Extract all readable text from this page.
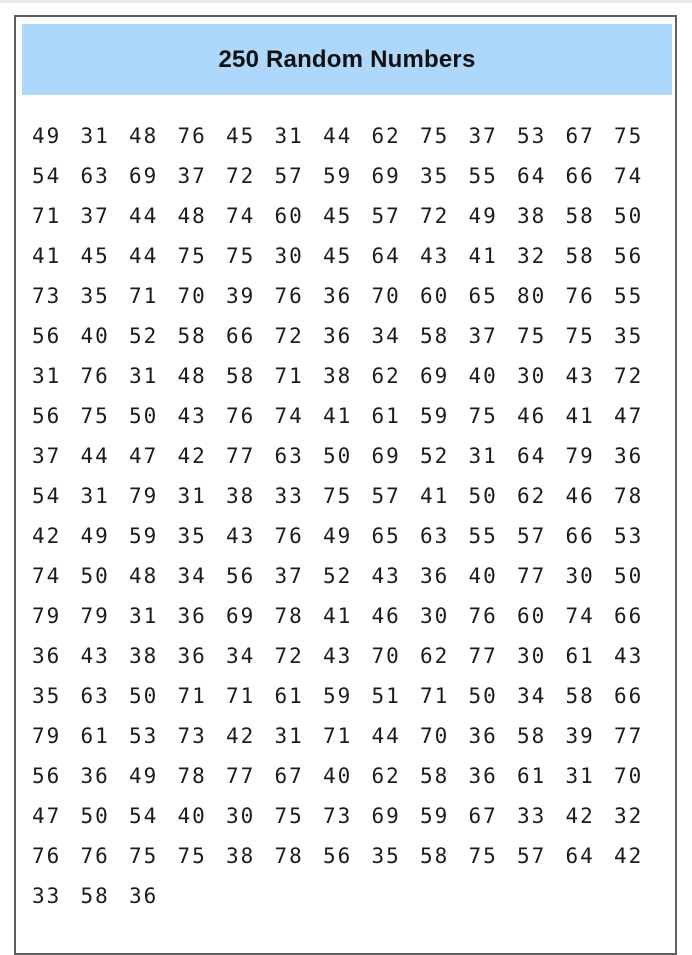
250 Random Numbers
49 31 48 76 45 31 44 62 75 37 53 67 75
54 63 69 37 72 57 59 69 35 55 64 66 74
71 37 44 48 74 60 45 57 72 49 38 58 50
41 45 44 75 75 30 45 64 43 41 32 58 56
73 35 71 70 39 76 36 70 60 65 80 76 55
56 40 52 58 66 72 36 34 58 37 75 75 35
31 76 31 48 58 71 38 62 69 40 30 43 72
56 75 50 43 76 74 41 61 59 75 46 41 47
37 44 47 42 77 63 50 69 52 31 64 79 36
54 31 79 31 38 33 75 57 41 50 62 46 78
42 49 59 35 43 76 49 65 63 55 57 66 53
74 50 48 34 56 37 52 43 36 40 77 30 50
79 79 31 36 69 78 41 46 30 76 60 74 66
36 43 38 36 34 72 43 70 62 77 30 61 43
35 63 50 71 71 61 59 51 71 50 34 58 66
79 61 53 73 42 31 71 44 70 36 58 39 77
56 36 49 78 77 67 40 62 58 36 61 31 70
47 50 54 40 30 75 73 69 59 67 33 42 32
76 76 75 75 38 78 56 35 58 75 57 64 42
33 58 36
